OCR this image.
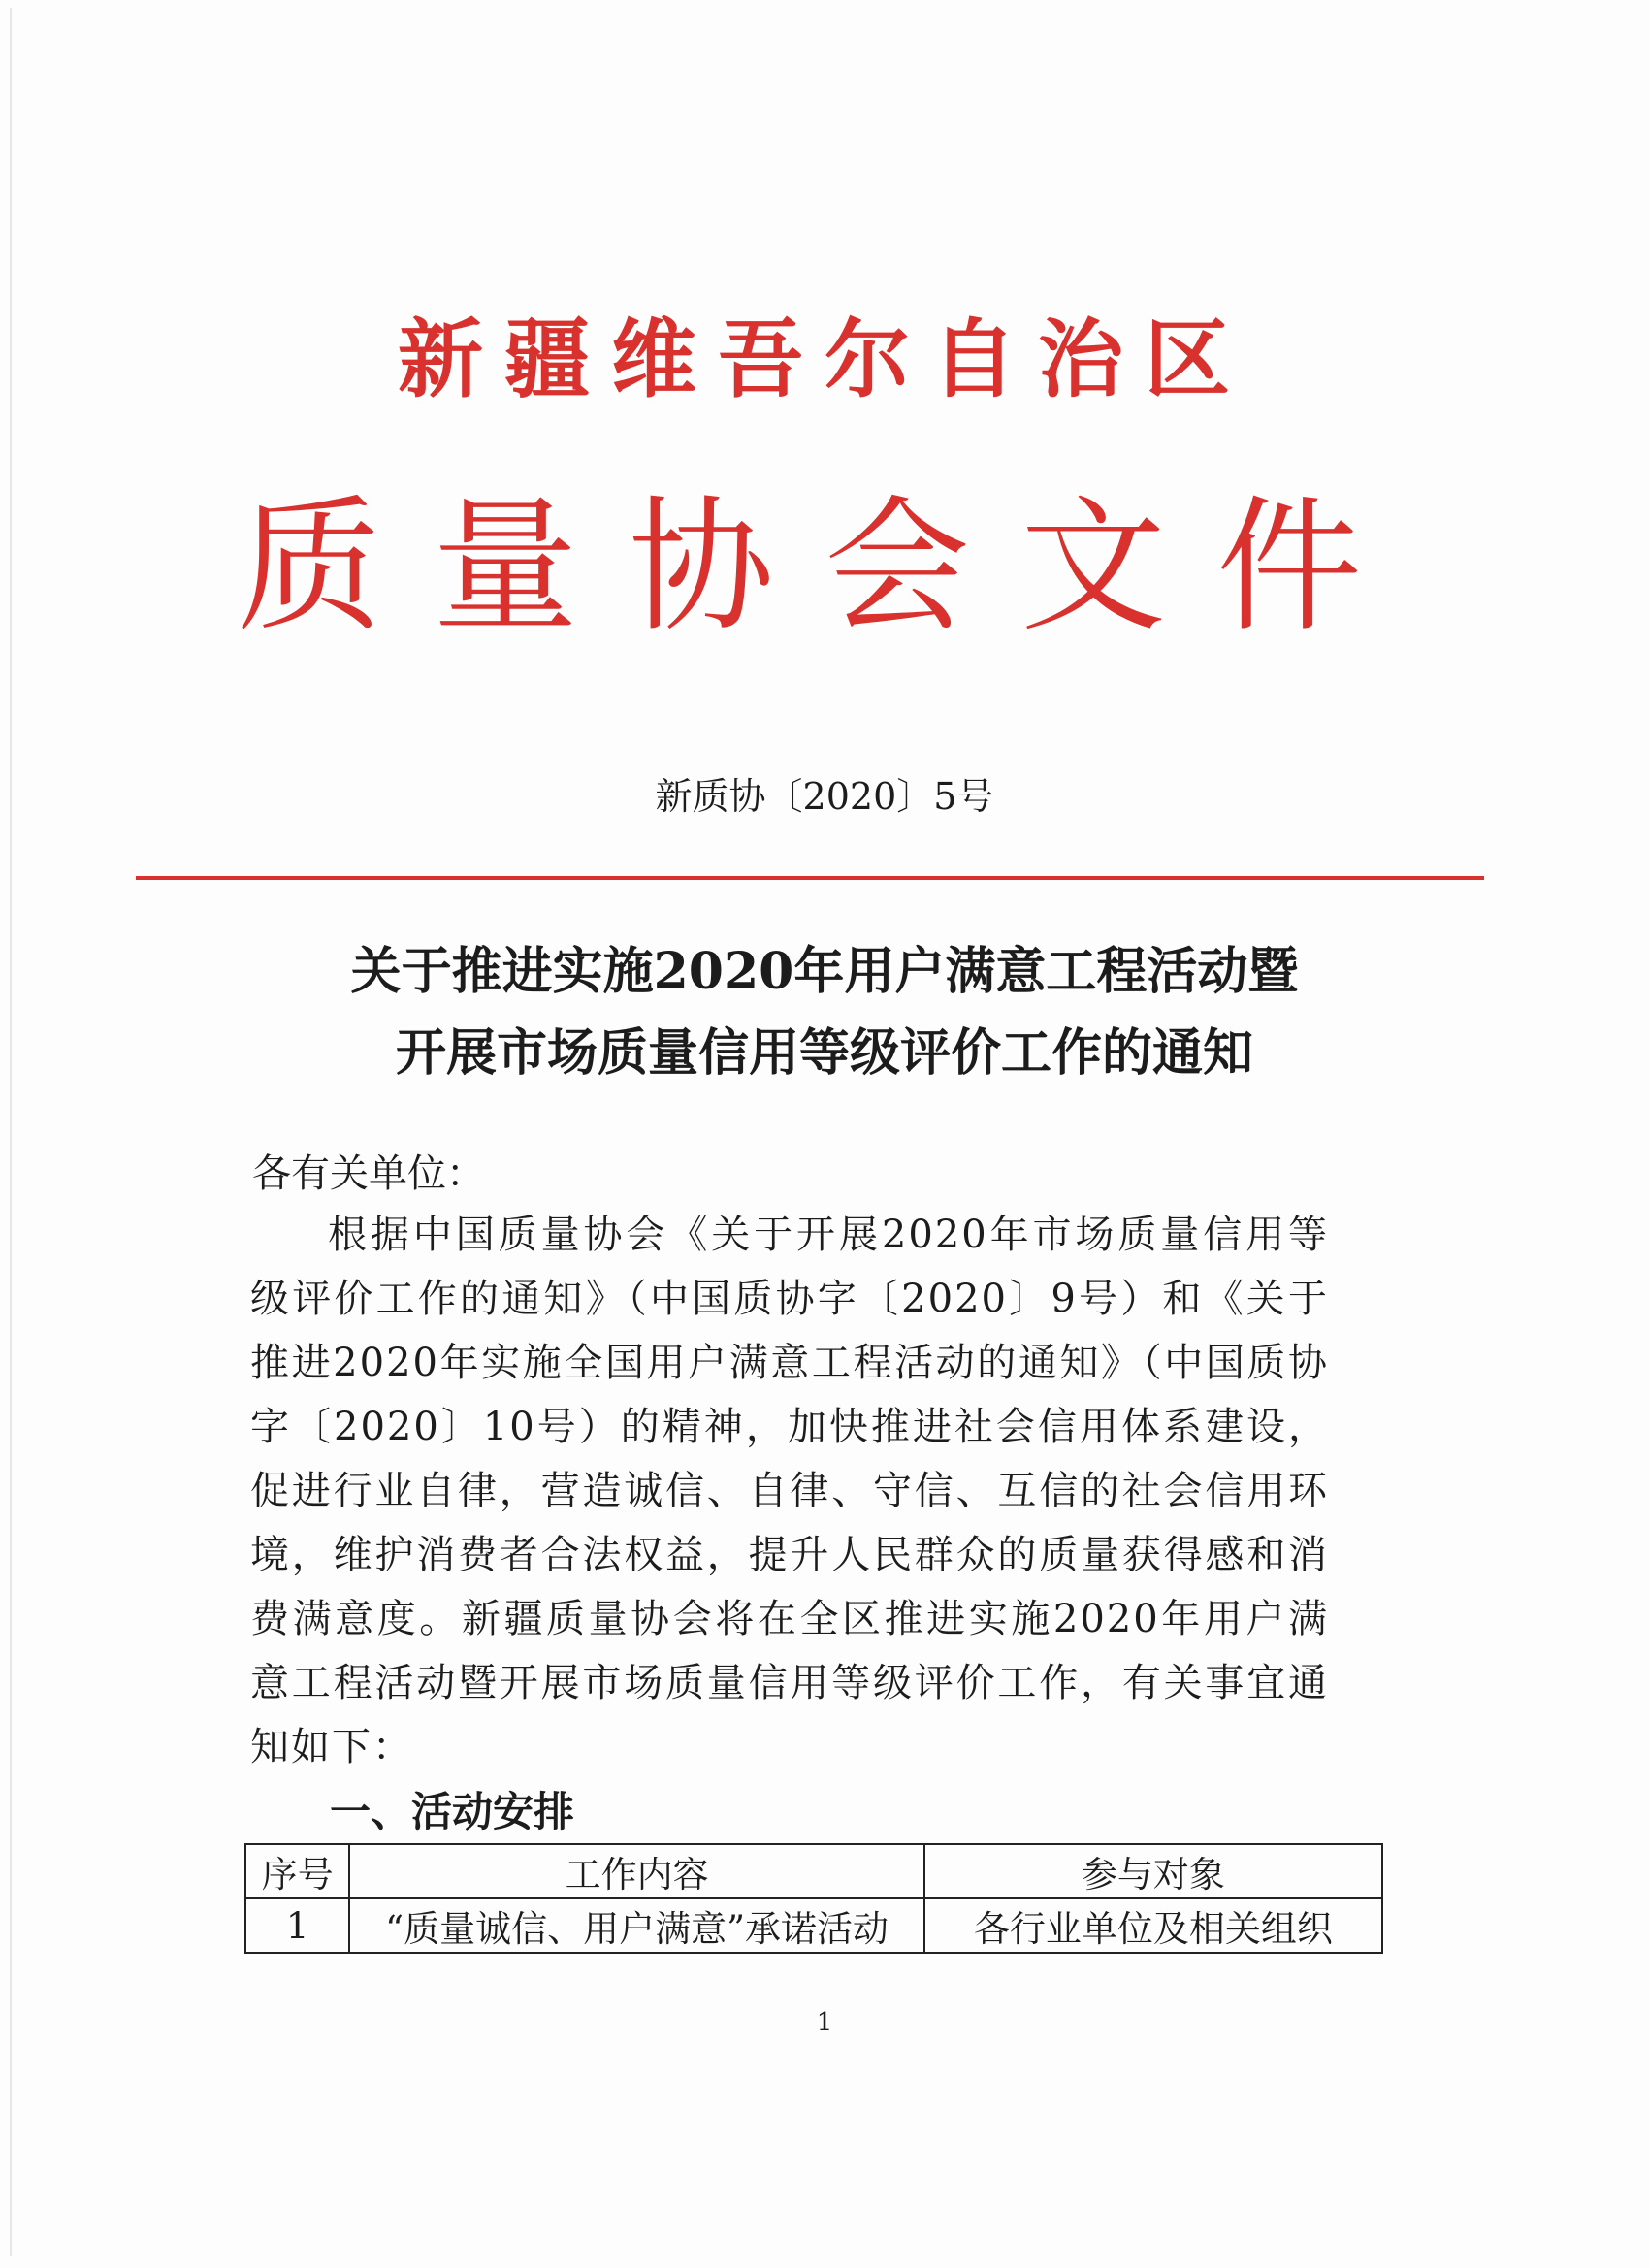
新疆维吾尔自治区
质量协会文件
新质协〔2020〕5号
关于推进实施2020年用户满意工程活动暨
开展市场质量信用等级评价工作的通知
各有关单位：
根据中国质量协会《关于开展2020年市场质量信用等级评价工作的通知》（中国质协字〔2020〕9号）和《关于推进2020年实施全国用户满意工程活动的通知》（中国质协字〔2020〕10号）的精神，加快推进社会信用体系建设，促进行业自律，营造诚信、自律、守信、互信的社会信用环境，维护消费者合法权益，提升人民群众的质量获得感和消费满意度。新疆质量协会将在全区推进实施2020年用户满意工程活动暨开展市场质量信用等级评价工作，有关事宜通知如下：
一、活动安排
序号	工作内容	参与对象
1	“质量诚信、用户满意”承诺活动	各行业单位及相关组织
1
